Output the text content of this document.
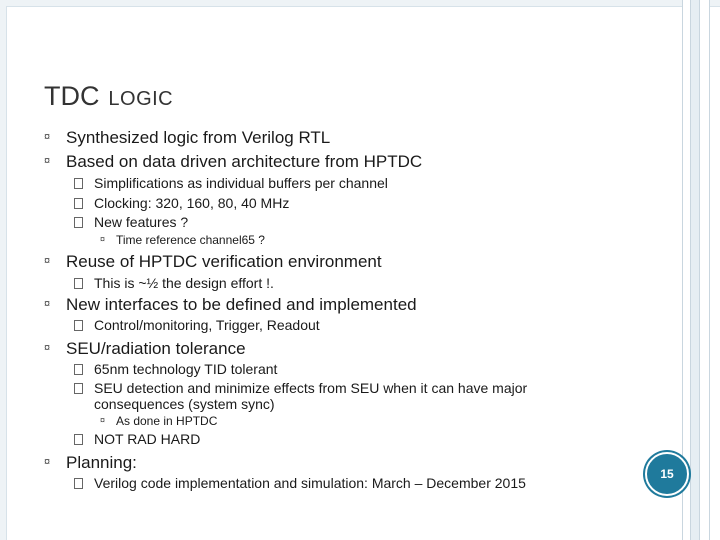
TDC LOGIC
¤ Synthesized logic from Verilog RTL
¤ Based on data driven architecture from HPTDC
Simplifications as individual buffers per channel
Clocking: 320, 160, 80, 40 MHz
New features ?
¤ Time reference channel65 ?
¤ Reuse of HPTDC verification environment
This is ~½ the design effort !.
¤ New interfaces to be defined and implemented
Control/monitoring, Trigger, Readout
¤ SEU/radiation tolerance
65nm technology TID tolerant
SEU detection and minimize effects from SEU when it can have major
consequences (system sync)
¤ As done in HPTDC
NOT RAD HARD
¤ Planning:
Verilog code implementation and simulation: March – December 2015
15
